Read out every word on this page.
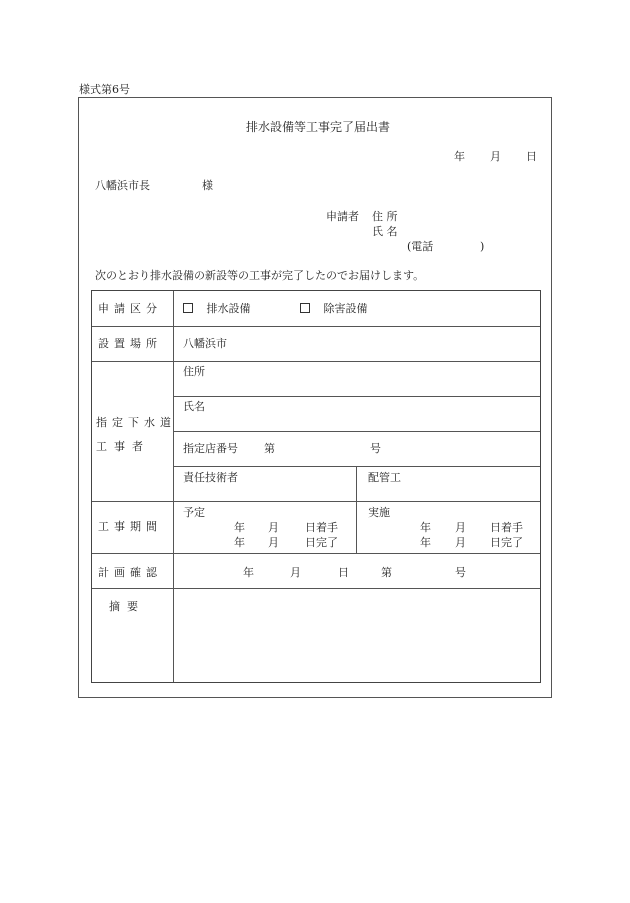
様式第6号
排水設備等工事完了届出書
年 月 日
八幡浜市長	様
申請者 住 所
氏 名
(電話	)
次のとおり排水設備の新設等の工事が完了したのでお届けします。
申請区分	排水設備	除害設備
設置場所 八幡浜市
指定下水道
工  事  者
住所
氏名
指定店番号 第	号
責任技術者	配管工
工事期間
予定
年 月 日着手
年 月 日完了
実施
年 月 日着手
年 月 日完了
計画確認	年	月	日	第	号
摘  要
